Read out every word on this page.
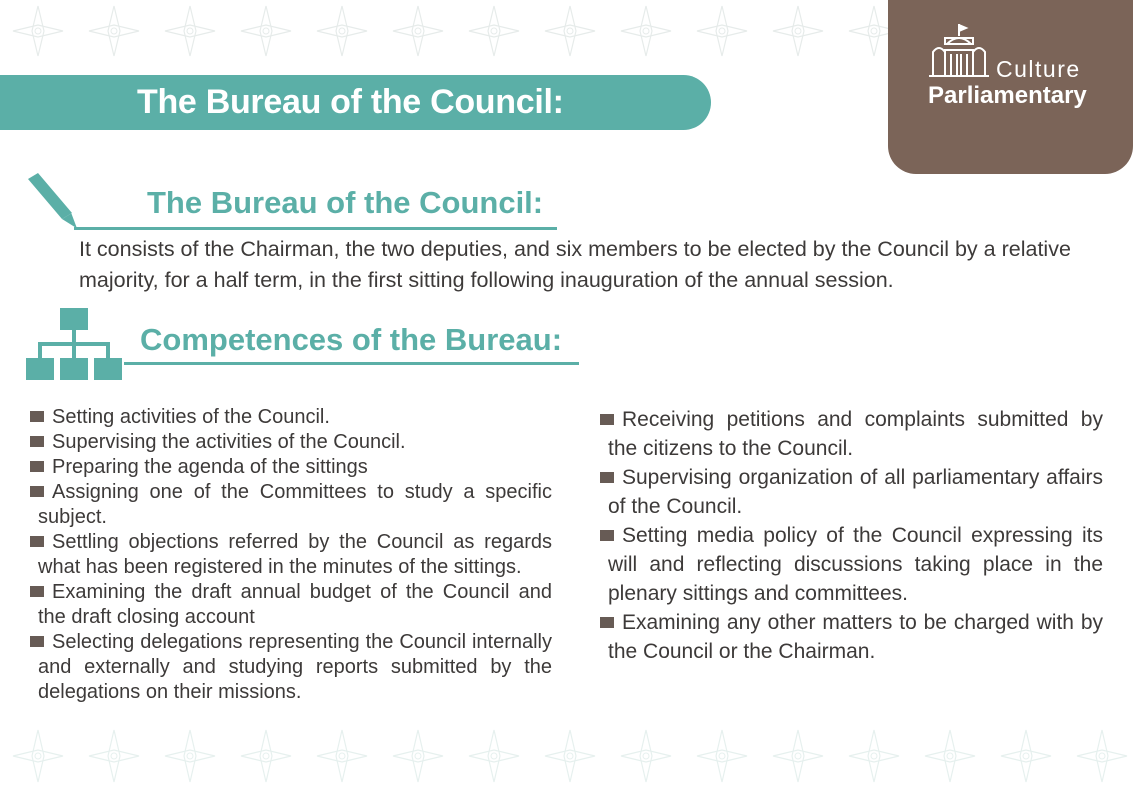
The Bureau of the Council:
Culture
Parliamentary
The Bureau of the Council:

It consists of the Chairman, the two deputies, and six members to be elected by the Council by a relative majority, for a half term, in the first sitting following inauguration of the annual session.

Competences of the Bureau:
Setting activities of the Council.
Supervising the activities of the Council.
Preparing the agenda of the sittings
Assigning one of the Committees to study a specific subject.
Settling objections referred by the Council as regards what has been registered in the minutes of the sittings.
Examining the draft annual budget of the Council and the draft closing account
Selecting delegations representing the Council internally and externally and studying reports submitted by the delegations on their missions.
Receiving petitions and complaints submitted by the citizens to the Council.
Supervising organization of all parliamentary affairs of the Council.
Setting media policy of the Council expressing its will and reflecting discussions taking place in the plenary sittings and committees.
Examining any other matters to be charged with by the Council or the Chairman.
